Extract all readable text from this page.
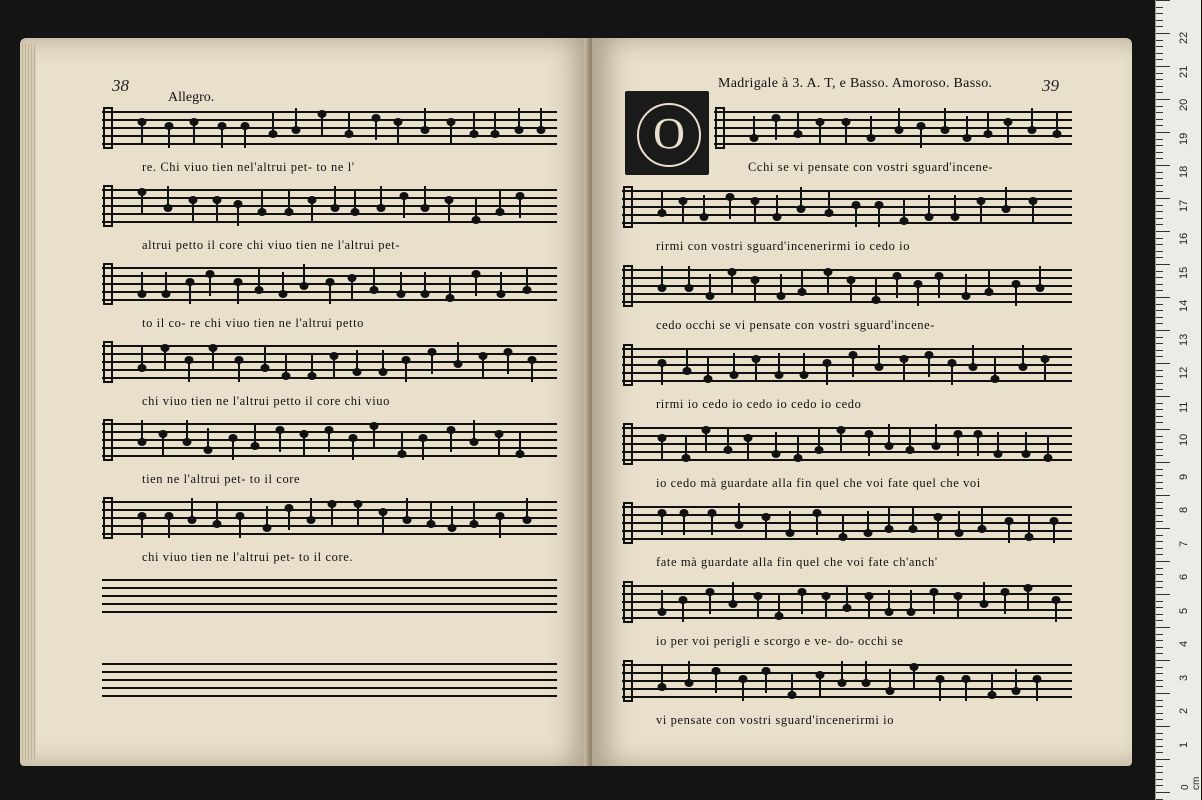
38
Allegro.
re. Chi viuo tien nel'altrui pet- to ne l'
altrui petto il core chi viuo tien ne l'altrui pet-
to il co- re chi viuo tien ne l'altrui petto
chi viuo tien ne l'altrui petto il core chi viuo
tien ne l'altrui pet- to il core
chi viuo tien ne l'altrui pet- to il core.
Madrigale à 3. A. T, e Basso. Amoroso. Basso.	39
O
Cchi se vi pensate con vostri sguard'incene-
rirmi con vostri sguard'incenerirmi io cedo io
cedo occhi se vi pensate con vostri sguard'incene-
rirmi io cedo io cedo io cedo io cedo
io cedo mà guardate alla fin quel che voi fate quel che voi
fate mà guardate alla fin quel che voi fate ch'anch'
io per voi perigli e scorgo e ve- do- occhi se
vi pensate con vostri sguard'incenerirmi io
0 cm
22
21
20
19
18
17
16
15
14
13
12
11
10
9
8
7
6
5
4
3
2
1
